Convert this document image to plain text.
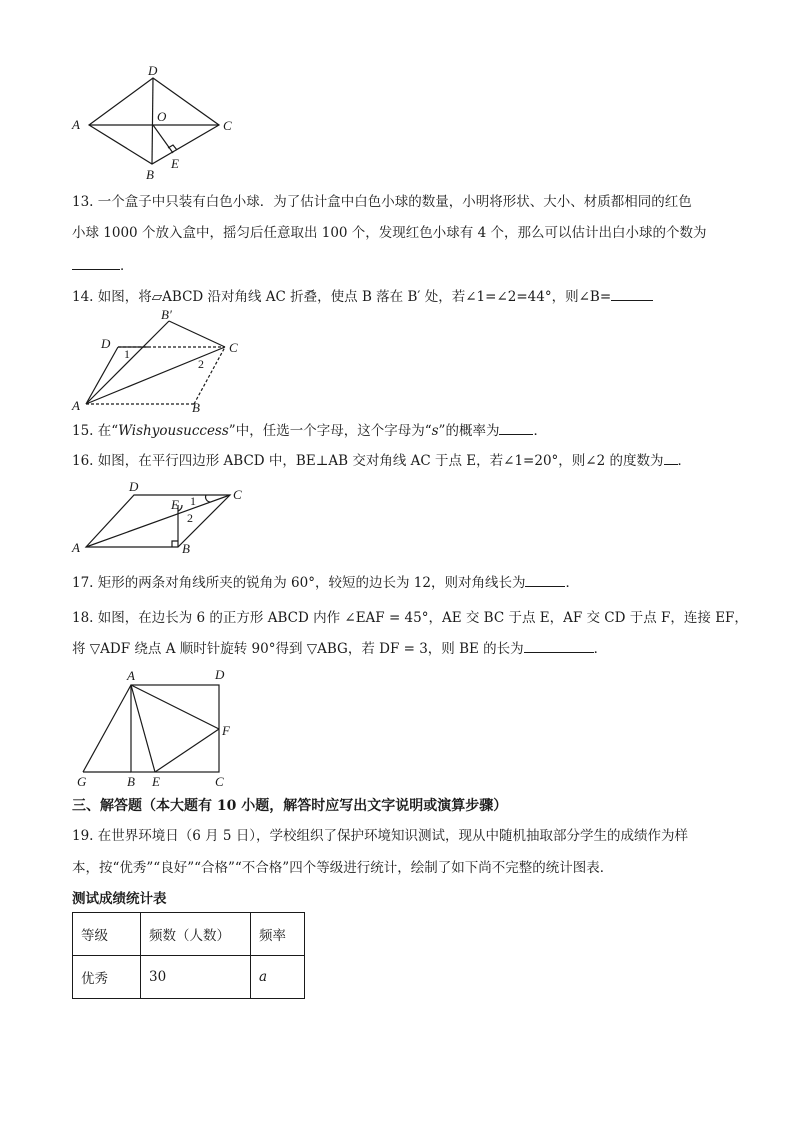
D
A
O
C
B
E
13. 一个盒子中只装有白色小球．为了估计盒中白色小球的数量，小明将形状、大小、材质都相同的红色
小球 1000 个放入盒中，摇匀后任意取出 100 个，发现红色小球有 4 个，那么可以估计出白小球的个数为
．
14. 如图，将▱ABCD 沿对角线 AC 折叠，使点 B 落在 B′ 处，若∠1=∠2=44°，则∠B=
B′
D
1	C
2
A	B
15. 在“Wishyousuccess”中，任选一个字母，这个字母为“s”的概率为	．
16. 如图，在平行四边形 ABCD 中，BE⊥AB 交对角线 AC 于点 E，若∠1=20°，则∠2 的度数为 ．
D
C
E 1
2
A	B
17. 矩形的两条对角线所夹的锐角为 60°，较短的边长为 12，则对角线长为	．
18. 如图，在边长为 6 的正方形 ABCD 内作 ∠EAF = 45°，AE 交 BC 于点 E，AF 交 CD 于点 F，连接 EF，
将 ▽ADF 绕点 A 顺时针旋转 90°得到 ▽ABG，若 DF = 3，则 BE 的长为	．
A	D
F
G	B E	C
三、解答题（本大题有 10 小题，解答时应写出文字说明或演算步骤）
19. 在世界环境日（6 月 5 日），学校组织了保护环境知识测试，现从中随机抽取部分学生的成绩作为样
本，按“优秀”“良好”“合格”“不合格”四个等级进行统计，绘制了如下尚不完整的统计图表．
测试成绩统计表
等级	频数（人数）	频率
优秀	30	a
